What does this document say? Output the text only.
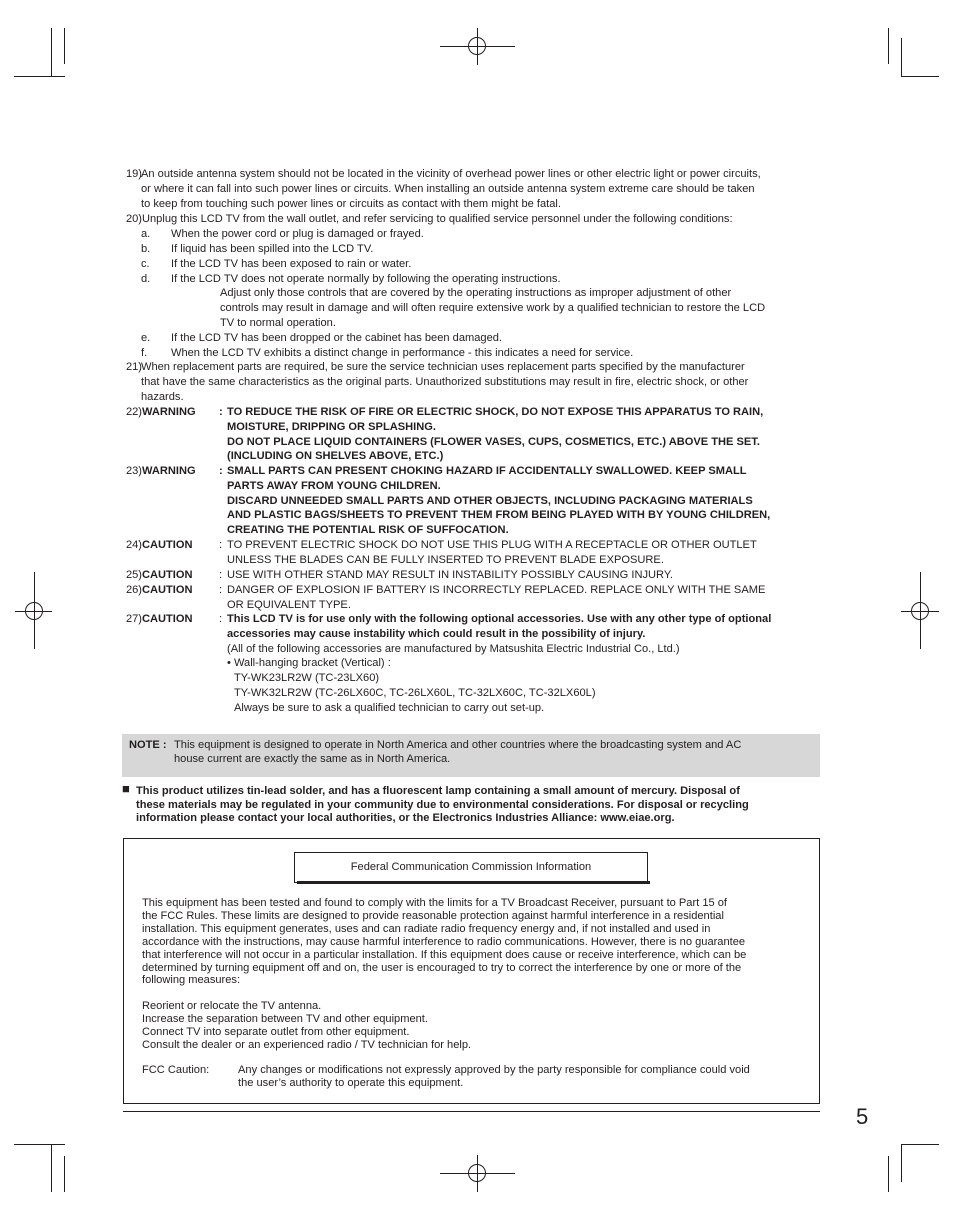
19) An outside antenna system should not be located in the vicinity of overhead power lines or other electric light or power circuits,
or where it can fall into such power lines or circuits. When installing an outside antenna system extreme care should be taken
to keep from touching such power lines or circuits as contact with them might be fatal.
20) Unplug this LCD TV from the wall outlet, and refer servicing to qualified service personnel under the following conditions:
a. When the power cord or plug is damaged or frayed.
b. If liquid has been spilled into the LCD TV.
c. If the LCD TV has been exposed to rain or water.
d. If the LCD TV does not operate normally by following the operating instructions.
e. If the LCD TV has been dropped or the cabinet has been damaged.
f. When the LCD TV exhibits a distinct change in performance - this indicates a need for service.
Adjust only those controls that are covered by the operating instructions as improper adjustment of other
controls may result in damage and will often require extensive work by a qualified technician to restore the LCD
TV to normal operation.
21) When replacement parts are required, be sure the service technician uses replacement parts specified by the manufacturer
that have the same characteristics as the original parts. Unauthorized substitutions may result in fire, electric shock, or other
hazards.
22) WARNING : TO REDUCE THE RISK OF FIRE OR ELECTRIC SHOCK, DO NOT EXPOSE THIS APPARATUS TO RAIN,
MOISTURE, DRIPPING OR SPLASHING.
DO NOT PLACE LIQUID CONTAINERS (FLOWER VASES, CUPS, COSMETICS, ETC.) ABOVE THE SET.
(INCLUDING ON SHELVES ABOVE, ETC.)
23) WARNING : SMALL PARTS CAN PRESENT CHOKING HAZARD IF ACCIDENTALLY SWALLOWED. KEEP SMALL
PARTS AWAY FROM YOUNG CHILDREN.
DISCARD UNNEEDED SMALL PARTS AND OTHER OBJECTS, INCLUDING PACKAGING MATERIALS
AND PLASTIC BAGS/SHEETS TO PREVENT THEM FROM BEING PLAYED WITH BY YOUNG CHILDREN,
CREATING THE POTENTIAL RISK OF SUFFOCATION.
24) CAUTION : TO PREVENT ELECTRIC SHOCK DO NOT USE THIS PLUG WITH A RECEPTACLE OR OTHER OUTLET
UNLESS THE BLADES CAN BE FULLY INSERTED TO PREVENT BLADE EXPOSURE.
25) CAUTION : USE WITH OTHER STAND MAY RESULT IN INSTABILITY POSSIBLY CAUSING INJURY.
26) CAUTION : DANGER OF EXPLOSION IF BATTERY IS INCORRECTLY REPLACED. REPLACE ONLY WITH THE SAME
OR EQUIVALENT TYPE.
27) CAUTION : This LCD TV is for use only with the following optional accessories. Use with any other type of optional
accessories may cause instability which could result in the possibility of injury.
(All of the following accessories are manufactured by Matsushita Electric Industrial Co., Ltd.)
• Wall-hanging bracket (Vertical) :
TY-WK23LR2W (TC-23LX60)
TY-WK32LR2W (TC-26LX60C, TC-26LX60L, TC-32LX60C, TC-32LX60L)
Always be sure to ask a qualified technician to carry out set-up.
NOTE : This equipment is designed to operate in North America and other countries where the broadcasting system and AC
house current are exactly the same as in North America.
■ This product utilizes tin-lead solder, and has a fluorescent lamp containing a small amount of mercury. Disposal of
these materials may be regulated in your community due to environmental considerations. For disposal or recycling
information please contact your local authorities, or the Electronics Industries Alliance: www.eiae.org.
Federal Communication Commission Information
This equipment has been tested and found to comply with the limits for a TV Broadcast Receiver, pursuant to Part 15 of
the FCC Rules. These limits are designed to provide reasonable protection against harmful interference in a residential
installation. This equipment generates, uses and can radiate radio frequency energy and, if not installed and used in
accordance with the instructions, may cause harmful interference to radio communications. However, there is no guarantee
that interference will not occur in a particular installation. If this equipment does cause or receive interference, which can be
determined by turning equipment off and on, the user is encouraged to try to correct the interference by one or more of the
following measures:
Reorient or relocate the TV antenna.
Increase the separation between TV and other equipment.
Connect TV into separate outlet from other equipment.
Consult the dealer or an experienced radio / TV technician for help.
Any changes or modifications not expressly approved by the party responsible for compliance could void
the user’s authority to operate this equipment.
FCC Caution:
5
